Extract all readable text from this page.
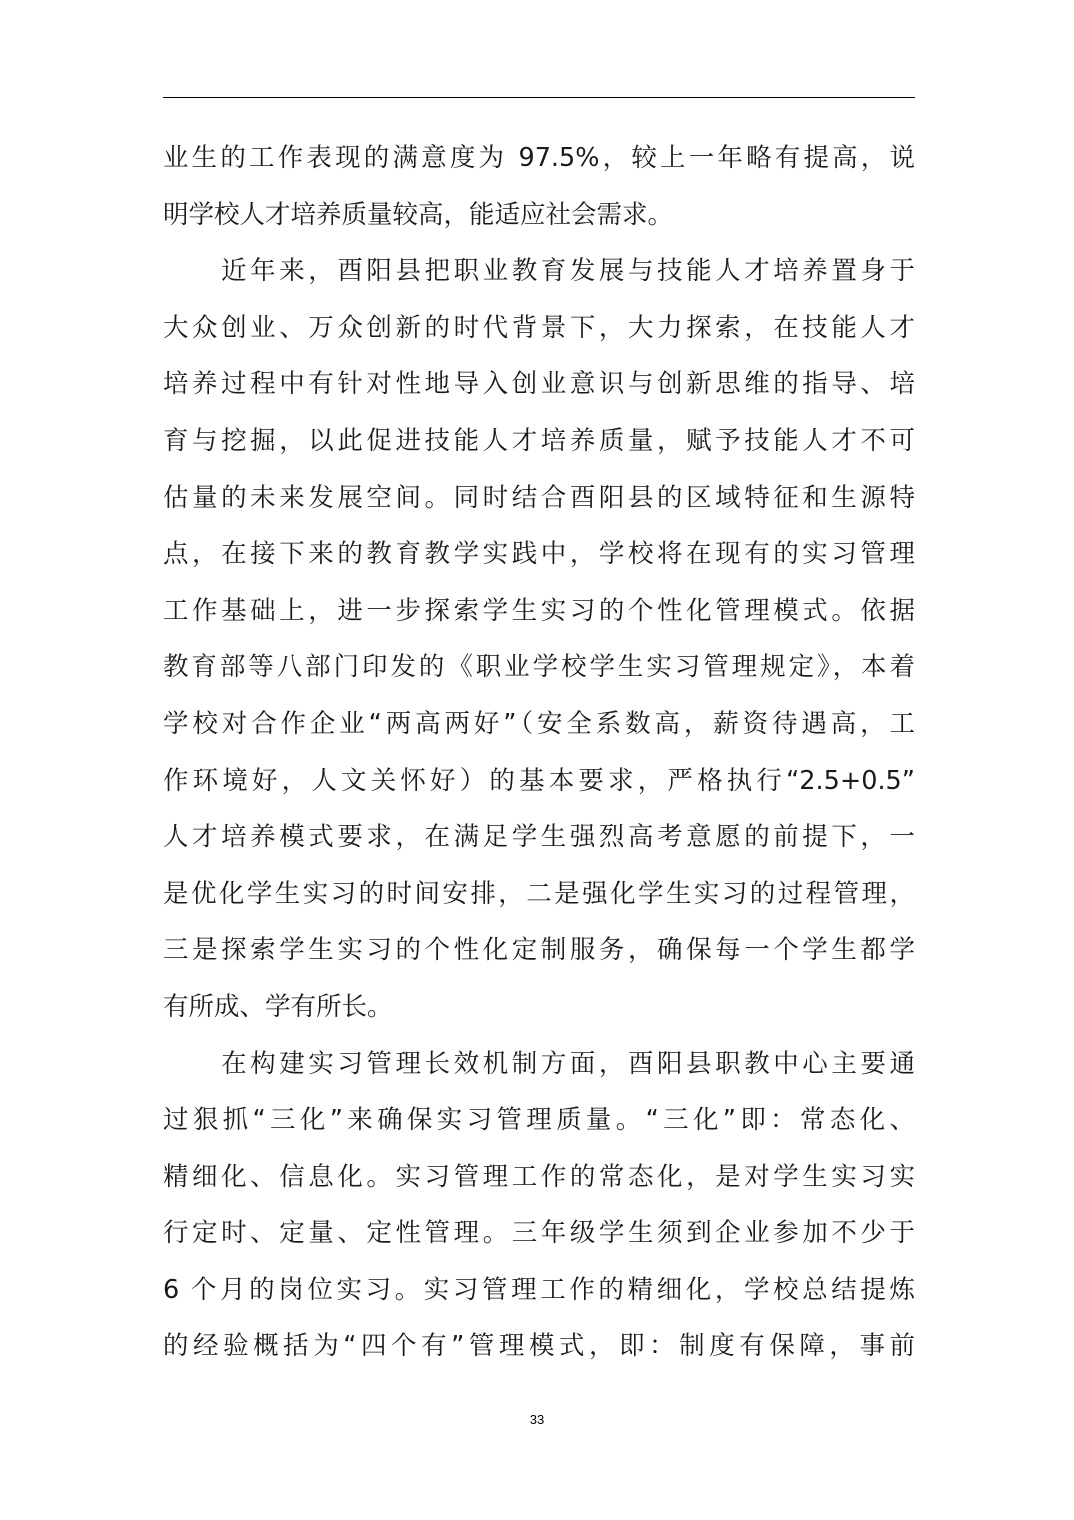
业生的工作表现的满意度为 97.5%，较上一年略有提高，说
明学校人才培养质量较高，能适应社会需求。
　　近年来，酉阳县把职业教育发展与技能人才培养置身于
大众创业、万众创新的时代背景下，大力探索，在技能人才
培养过程中有针对性地导入创业意识与创新思维的指导、培
育与挖掘，以此促进技能人才培养质量，赋予技能人才不可
估量的未来发展空间。同时结合酉阳县的区域特征和生源特
点，在接下来的教育教学实践中，学校将在现有的实习管理
工作基础上，进一步探索学生实习的个性化管理模式。依据
教育部等八部门印发的《职业学校学生实习管理规定》，本着
学校对合作企业“两高两好”（安全系数高，薪资待遇高，工
作环境好，人文关怀好）的基本要求，严格执行“2.5+0.5”
人才培养模式要求，在满足学生强烈高考意愿的前提下，一
是优化学生实习的时间安排，二是强化学生实习的过程管理，
三是探索学生实习的个性化定制服务，确保每一个学生都学
有所成、学有所长。
　　在构建实习管理长效机制方面，酉阳县职教中心主要通
过狠抓“三化”来确保实习管理质量。“三化”即：常态化、
精细化、信息化。实习管理工作的常态化，是对学生实习实
行定时、定量、定性管理。三年级学生须到企业参加不少于
6 个月的岗位实习。实习管理工作的精细化，学校总结提炼
的经验概括为“四个有”管理模式，即：制度有保障，事前
33
